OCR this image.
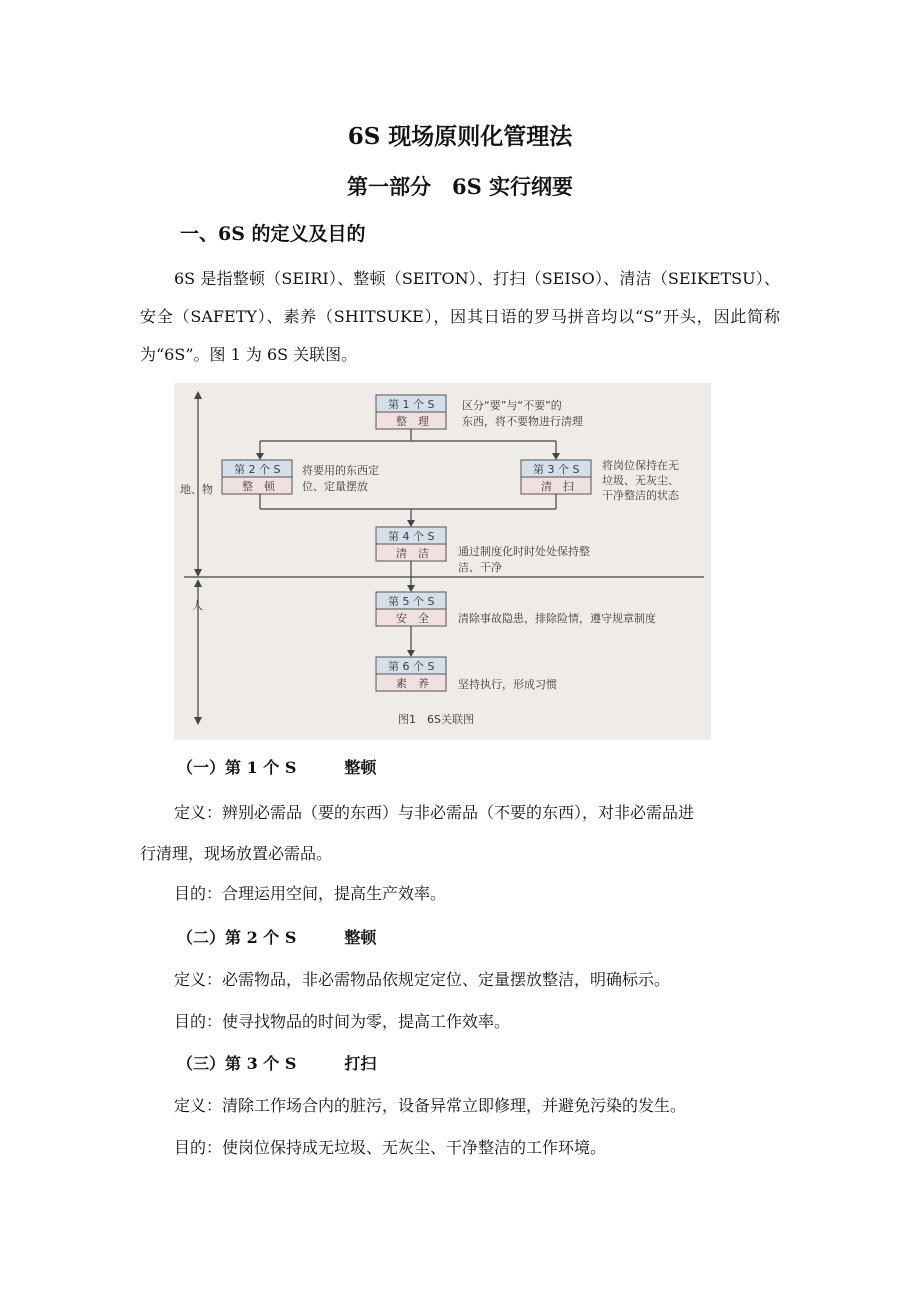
6S 现场原则化管理法
第一部分　6S 实行纲要
一、6S 的定义及目的
6S 是指整顿（SEIRI）、整顿（SEITON）、打扫（SEISO）、清洁（SEIKETSU）、安全（SAFETY）、素养（SHITSUKE），因其日语的罗马拼音均以“S”开头，因此简称为“6S”。图 1 为 6S 关联图。
地、物
人
第 1 个 S
整　理
区分“要”与“不要”的
东西，将不要物进行清理
第 2 个 S
整　顿
将要用的东西定
位、定量摆放
第 3 个 S
清　扫
将岗位保持在无
垃圾、无灰尘、
干净整洁的状态
第 4 个 S
清　洁	通过制度化时时处处保持整
洁、干净
第 5 个 S
安　全	清除事故隐患，排除险情，遵守规章制度
第 6 个 S
素　养	坚持执行，形成习惯
图1　6S关联图
（一）第 1 个 S	整顿
定义：辨别必需品（要的东西）与非必需品（不要的东西），对非必需品进
行清理，现场放置必需品。
目的：合理运用空间，提高生产效率。
（二）第 2 个 S	整顿
定义：必需物品，非必需物品依规定定位、定量摆放整洁，明确标示。
目的：使寻找物品的时间为零，提高工作效率。
（三）第 3 个 S	打扫
定义：清除工作场合内的脏污，设备异常立即修理，并避免污染的发生。
目的：使岗位保持成无垃圾、无灰尘、干净整洁的工作环境。
